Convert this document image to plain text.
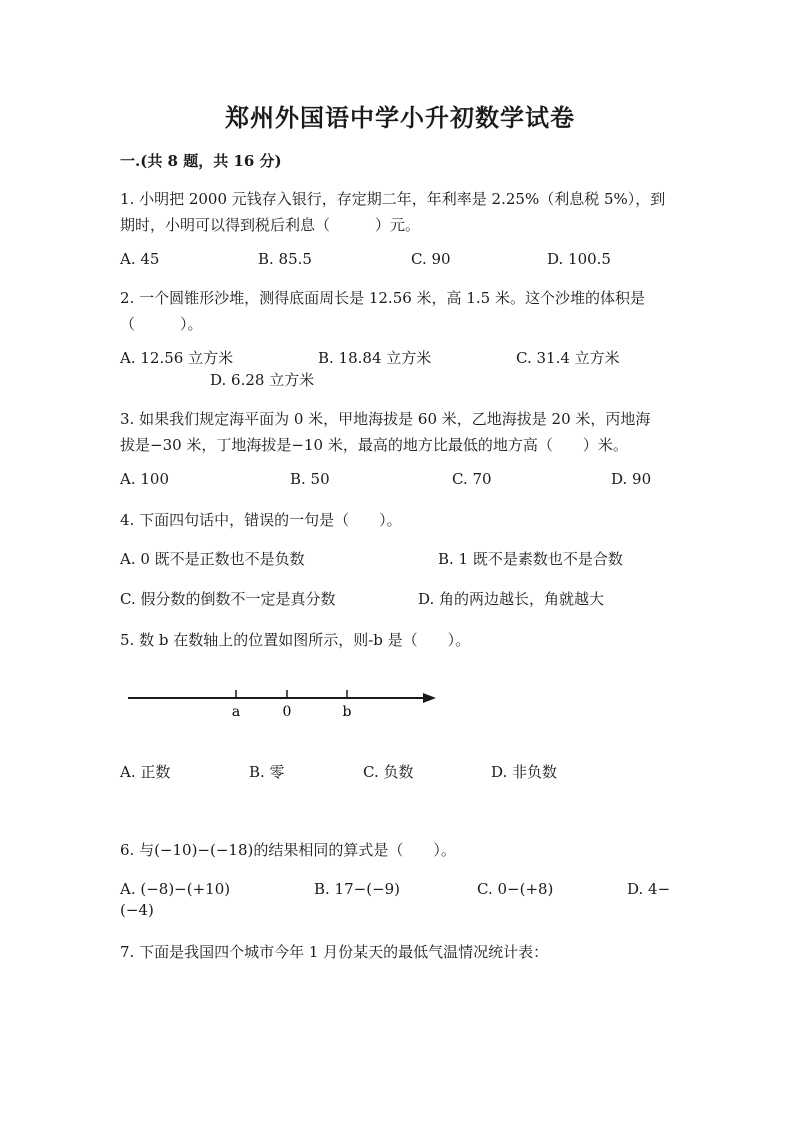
郑州外国语中学小升初数学试卷
一.(共 8 题，共 16 分)
1. 小明把 2000 元钱存入银行，存定期二年，年利率是 2.25%（利息税 5%），到
期时，小明可以得到税后利息（　　　）元。
A. 45	B. 85.5	C. 90	D. 100.5
2. 一个圆锥形沙堆，测得底面周长是 12.56 米，高 1.5 米。这个沙堆的体积是
（　　　）。
A. 12.56 立方米	B. 18.84 立方米	C. 31.4 立方米
D. 6.28 立方米
3. 如果我们规定海平面为 0 米，甲地海拔是 60 米，乙地海拔是 20 米，丙地海
拔是−30 米，丁地海拔是−10 米，最高的地方比最低的地方高（　　）米。
A. 100	B. 50	C. 70	D. 90
4. 下面四句话中，错误的一句是（　　）。
A. 0 既不是正数也不是负数	B. 1 既不是素数也不是合数
C. 假分数的倒数不一定是真分数	D. 角的两边越长，角就越大
5. 数 b 在数轴上的位置如图所示，则-b 是（　　）。
a	0	b
A. 正数	B. 零	C. 负数	D. 非负数
6. 与(−10)−(−18)的结果相同的算式是（　　）。
A. (−8)−(+10)	B. 17−(−9)	C. 0−(+8)	D. 4−
(−4)
7. 下面是我国四个城市今年 1 月份某天的最低气温情况统计表：
